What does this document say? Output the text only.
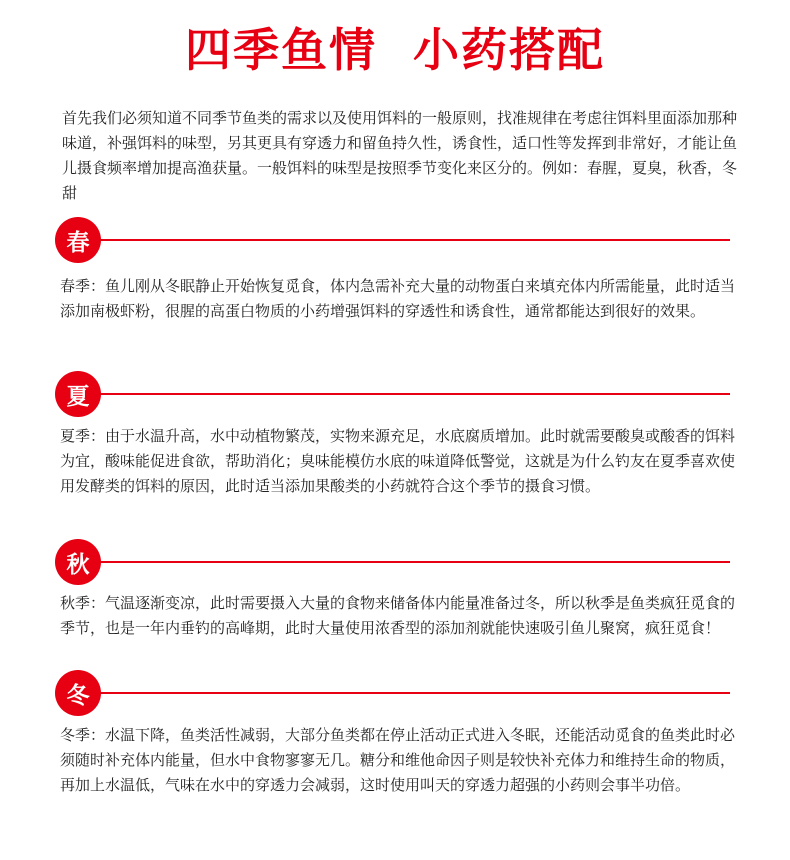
四季鱼情  小药搭配

首先我们必须知道不同季节鱼类的需求以及使用饵料的一般原则，找准规律在考虑往饵料里面添加那种味道，补强饵料的味型，另其更具有穿透力和留鱼持久性，诱食性，适口性等发挥到非常好，才能让鱼儿摄食频率增加提高渔获量。一般饵料的味型是按照季节变化来区分的。例如：春腥，夏臭，秋香，冬甜

春

春季：鱼儿刚从冬眠静止开始恢复觅食，体内急需补充大量的动物蛋白来填充体内所需能量，此时适当添加南极虾粉，很腥的高蛋白物质的小药增强饵料的穿透性和诱食性，通常都能达到很好的效果。

夏

夏季：由于水温升高，水中动植物繁茂，实物来源充足，水底腐质增加。此时就需要酸臭或酸香的饵料为宜，酸味能促进食欲，帮助消化；臭味能模仿水底的味道降低警觉，这就是为什么钓友在夏季喜欢使用发酵类的饵料的原因，此时适当添加果酸类的小药就符合这个季节的摄食习惯。

秋

秋季：气温逐渐变凉，此时需要摄入大量的食物来储备体内能量准备过冬，所以秋季是鱼类疯狂觅食的季节，也是一年内垂钓的高峰期，此时大量使用浓香型的添加剂就能快速吸引鱼儿聚窝，疯狂觅食！

冬

冬季：水温下降，鱼类活性减弱，大部分鱼类都在停止活动正式进入冬眠，还能活动觅食的鱼类此时必须随时补充体内能量，但水中食物寥寥无几。糖分和维他命因子则是较快补充体力和维持生命的物质，再加上水温低，气味在水中的穿透力会减弱，这时使用叫天的穿透力超强的小药则会事半功倍。
